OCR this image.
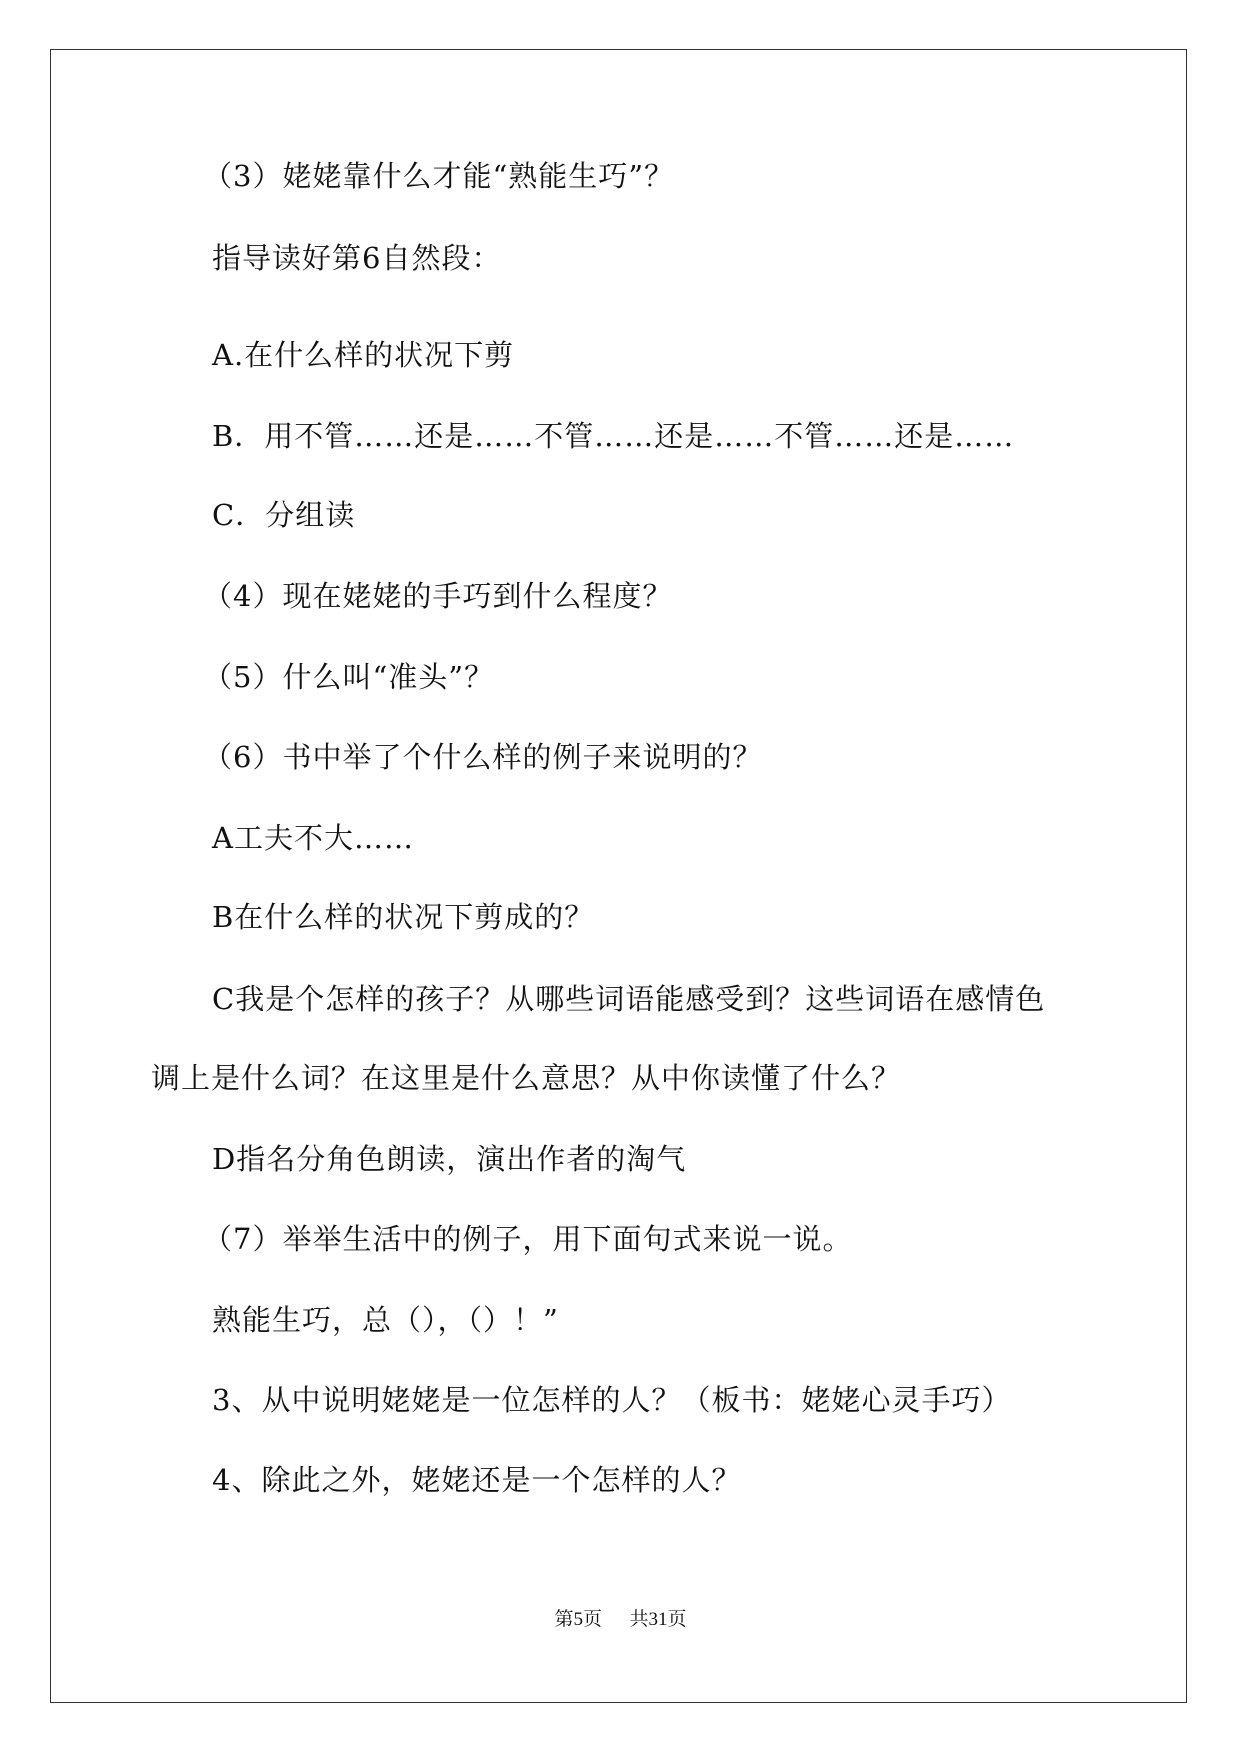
（3）姥姥靠什么才能“熟能生巧”？
指导读好第6自然段：
A.在什么样的状况下剪
B．用不管……还是……不管……还是……不管……还是……
C．分组读
（4）现在姥姥的手巧到什么程度？
（5）什么叫“准头”？
（6）书中举了个什么样的例子来说明的？
A工夫不大……
B在什么样的状况下剪成的？
C我是个怎样的孩子？从哪些词语能感受到？这些词语在感情色
调上是什么词？在这里是什么意思？从中你读懂了什么？
D指名分角色朗读，演出作者的淘气
（7）举举生活中的例子，用下面句式来说一说。
熟能生巧，总（），（）！”
3、从中说明姥姥是一位怎样的人？（板书：姥姥心灵手巧）
4、除此之外，姥姥还是一个怎样的人？
第5页 共31页
